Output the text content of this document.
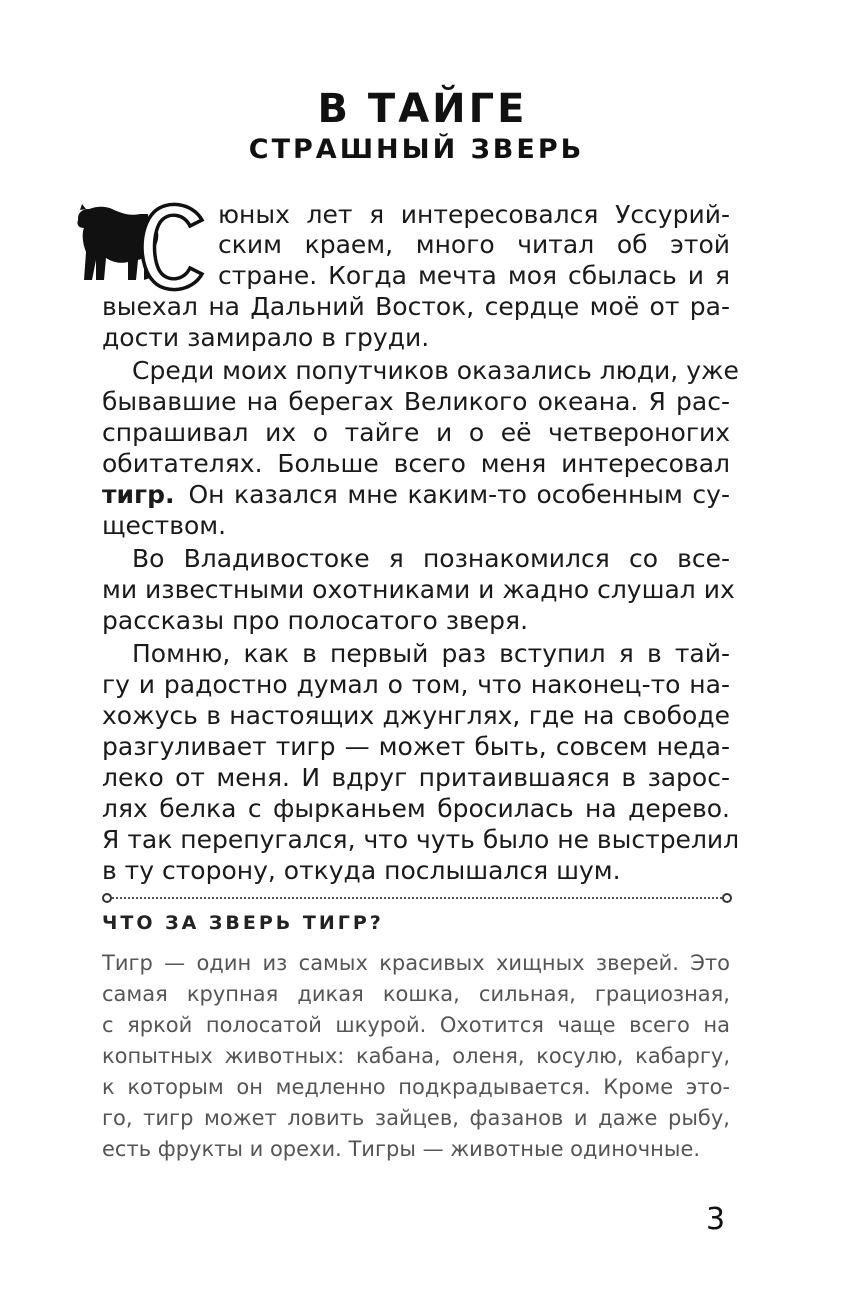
В ТАЙГЕ
СТРАШНЫЙ ЗВЕРЬ
юных лет я интересовался Уссурий-
ским краем, много читал об этой
стране. Когда мечта моя сбылась и я
выехал на Дальний Восток, сердце моё от ра-
дости замирало в груди.
Среди моих попутчиков оказались люди, уже
бывавшие на берегах Великого океана. Я рас-
спрашивал их о тайге и о её четвероногих
обитателях. Больше всего меня интересовал
тигр. Он казался мне каким-то особенным су-
ществом.
Во Владивостоке я познакомился со все-
ми известными охотниками и жадно слушал их
рассказы про полосатого зверя.
Помню, как в первый раз вступил я в тай-
гу и радостно думал о том, что наконец-то на-
хожусь в настоящих джунглях, где на свободе
разгуливает тигр — может быть, совсем неда-
леко от меня. И вдруг притаившаяся в зарос-
лях белка с фырканьем бросилась на дерево.
Я так перепугался, что чуть было не выстрелил
в ту сторону, откуда послышался шум.
ЧТО ЗА ЗВЕРЬ ТИГР?
Тигр — один из самых красивых хищных зверей. Это
самая крупная дикая кошка, сильная, грациозная,
с яркой полосатой шкурой. Охотится чаще всего на
копытных животных: кабана, оленя, косулю, кабаргу,
к которым он медленно подкрадывается. Кроме это-
го, тигр может ловить зайцев, фазанов и даже рыбу,
есть фрукты и орехи. Тигры — животные одиночные.
3
